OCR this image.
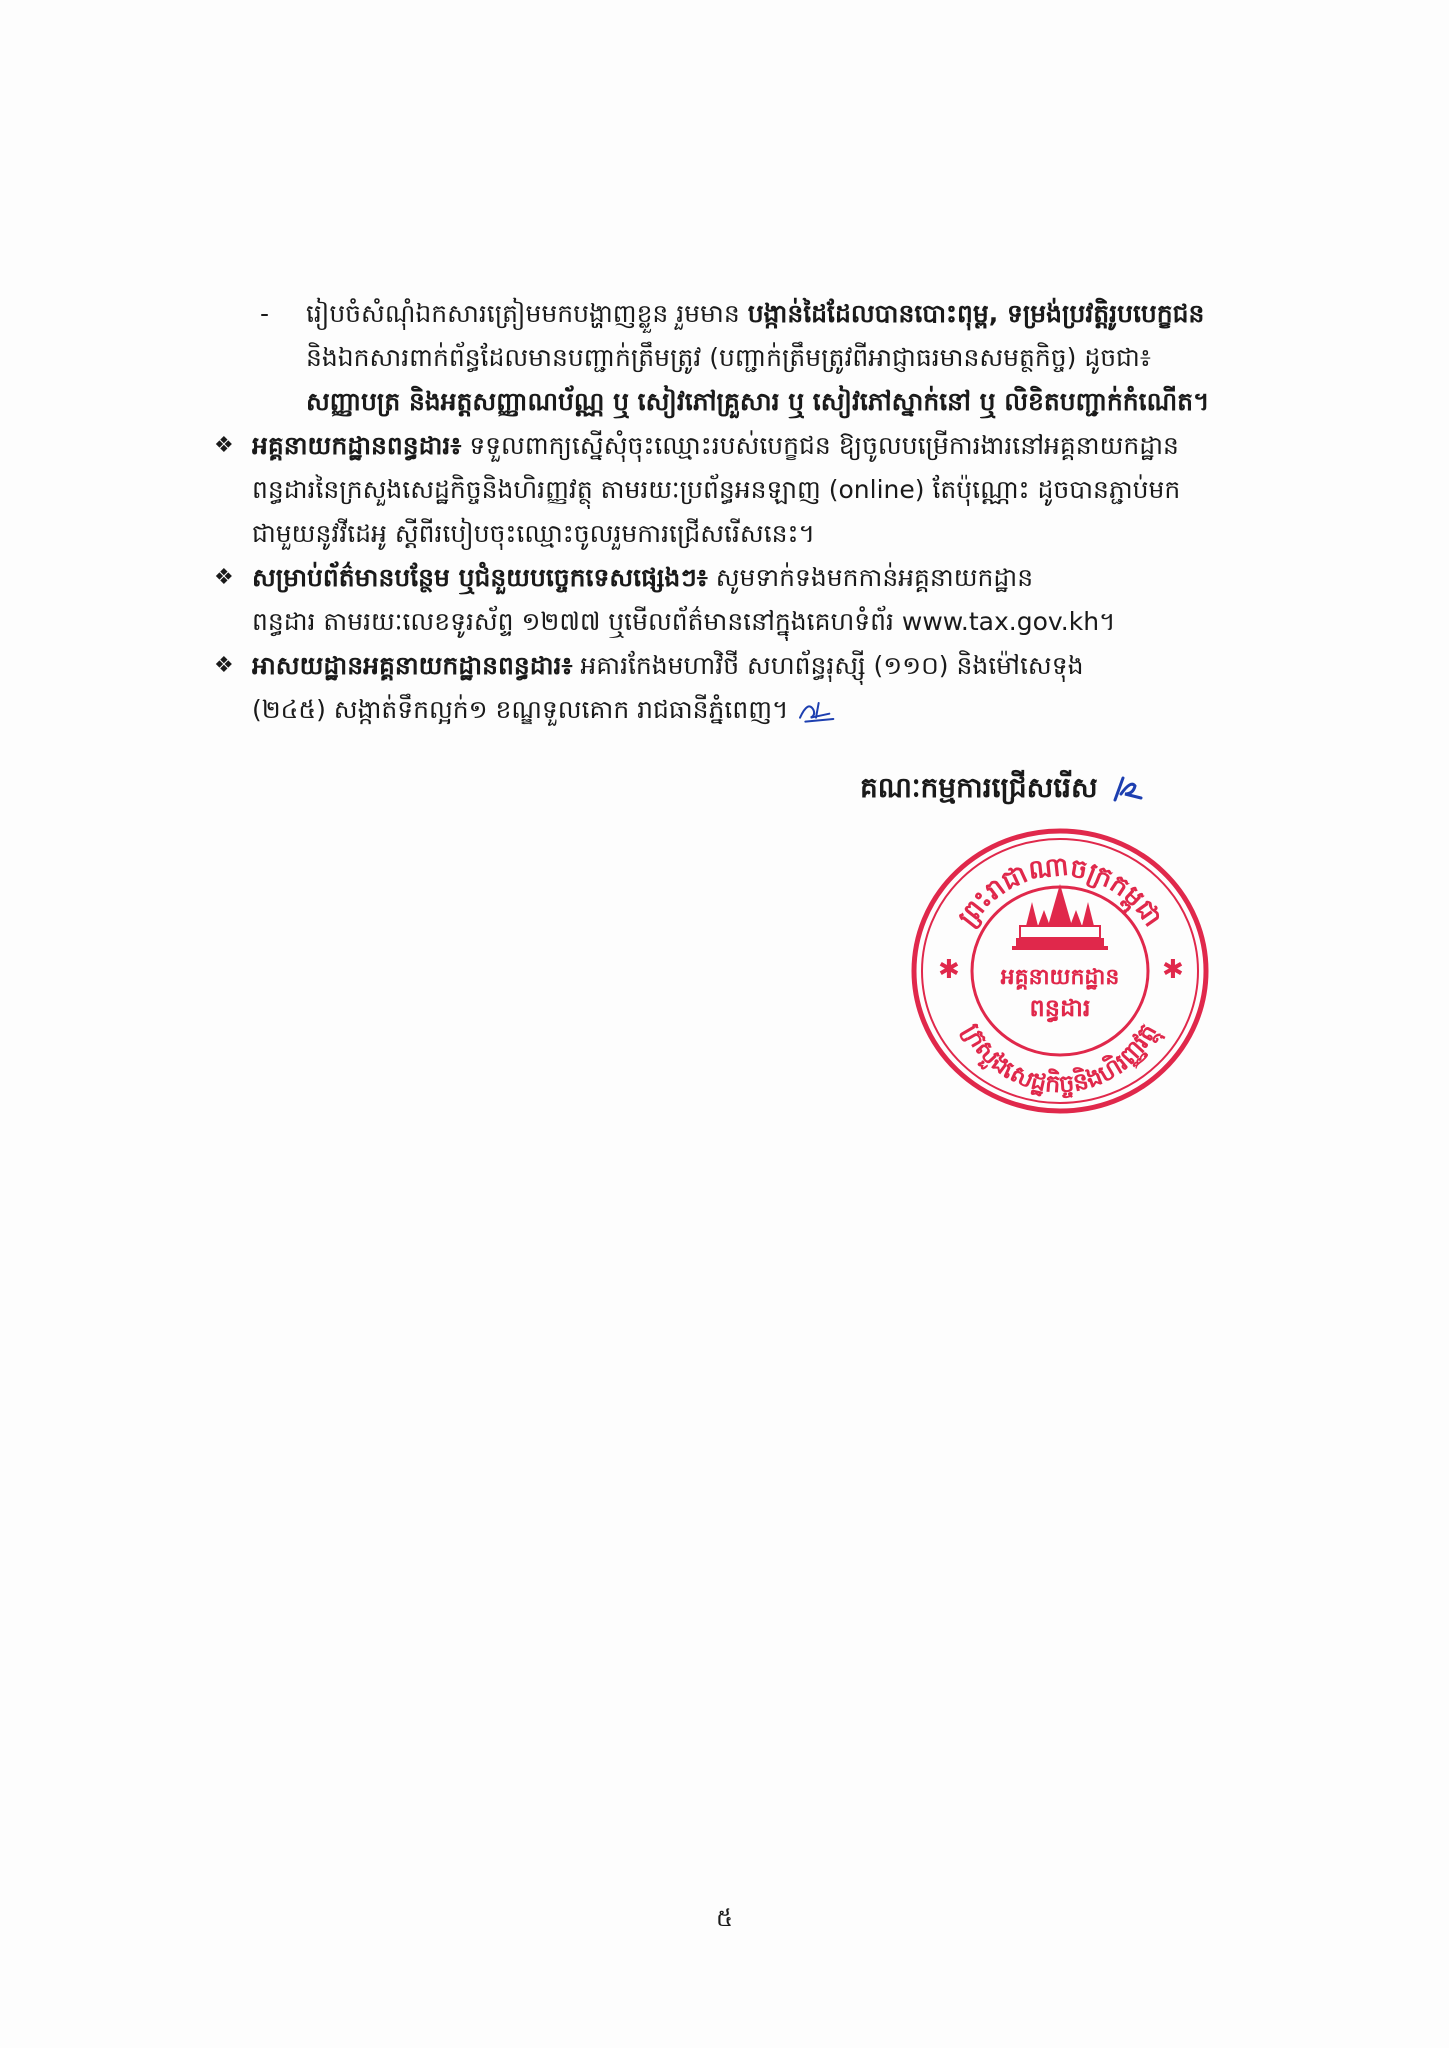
- រៀបចំសំណុំឯកសារត្រៀមមកបង្ហាញខ្លួន រួមមាន បង្កាន់ដៃដែលបានបោះពុម្ព, ទម្រង់ប្រវត្តិរូបបេក្ខជន
និងឯកសារពាក់ព័ន្ធដែលមានបញ្ជាក់ត្រឹមត្រូវ (បញ្ជាក់ត្រឹមត្រូវពីអាជ្ញាធរមានសមត្ថកិច្ច) ដូចជា៖
សញ្ញាបត្រ និងអត្តសញ្ញាណប័ណ្ណ ឬ សៀវភៅគ្រួសារ ឬ សៀវភៅស្នាក់នៅ ឬ លិខិតបញ្ជាក់កំណើត។
❖ អគ្គនាយកដ្ឋានពន្ធដារ៖ ទទួលពាក្យស្នើសុំចុះឈ្មោះរបស់បេក្ខជន ឱ្យចូលបម្រើការងារនៅអគ្គនាយកដ្ឋាន
ពន្ធដារនៃក្រសួងសេដ្ឋកិច្ចនិងហិរញ្ញវត្ថុ តាមរយៈប្រព័ន្ធអនឡាញ (online) តែប៉ុណ្ណោះ ដូចបានភ្ជាប់មក
ជាមួយនូវវីដេអូ ស្តីពីរបៀបចុះឈ្មោះចូលរួមការជ្រើសរើសនេះ។
❖ សម្រាប់ព័ត៌មានបន្ថែម ឬជំនួយបច្ចេកទេសផ្សេងៗ៖ សូមទាក់ទងមកកាន់អគ្គនាយកដ្ឋាន
ពន្ធដារ តាមរយៈលេខទូរស័ព្ទ ១២៧៧ ឬមើលព័ត៌មាននៅក្នុងគេហទំព័រ www.tax.gov.kh។
❖ អាសយដ្ឋានអគ្គនាយកដ្ឋានពន្ធដារ៖ អគារកែងមហាវិថី សហព័ន្ធរុស្ស៊ី (១១០) និងម៉ៅសេទុង
(២៤៥) សង្កាត់ទឹកល្អក់១ ខណ្ឌទួលគោក រាជធានីភ្នំពេញ។
គណៈកម្មការជ្រើសរើស
ព្រះរាជាណាចក្រកម្ពុជា
ក្រសួងសេដ្ឋកិច្ចនិងហិរញ្ញវត្ថុ
✱	✱
អគ្គនាយកដ្ឋាន
ពន្ធដារ
៥
